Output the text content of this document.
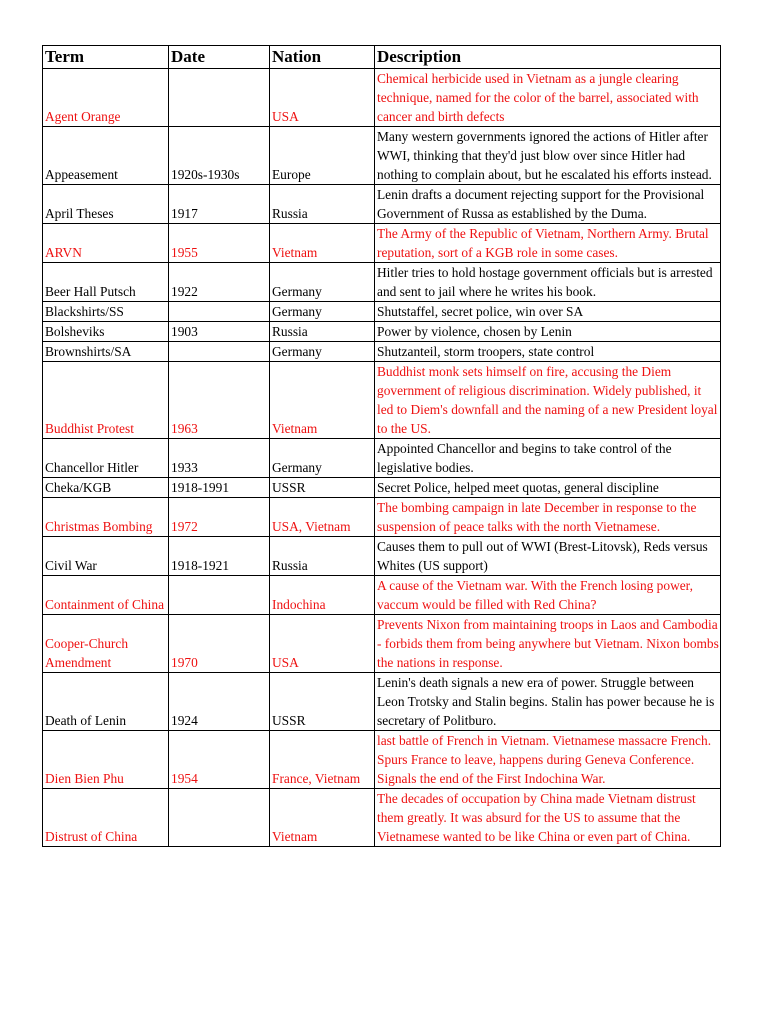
Term	Date	Nation	Description
Agent Orange		USA	Chemical herbicide used in Vietnam as a jungle clearing technique, named for the color of the barrel, associated with cancer and birth defects
Appeasement	1920s-1930s	Europe	Many western governments ignored the actions of Hitler after WWI, thinking that they'd just blow over since Hitler had nothing to complain about, but he escalated his efforts instead.
April Theses	1917	Russia	Lenin drafts a document rejecting support for the Provisional Government of Russa as established by the Duma.
ARVN	1955	Vietnam	The Army of the Republic of Vietnam, Northern Army. Brutal reputation, sort of a KGB role in some cases.
Beer Hall Putsch	1922	Germany	Hitler tries to hold hostage government officials but is arrested and sent to jail where he writes his book.
Blackshirts/SS		Germany	Shutstaffel, secret police, win over SA
Bolsheviks	1903	Russia	Power by violence, chosen by Lenin
Brownshirts/SA		Germany	Shutzanteil, storm troopers, state control
Buddhist Protest	1963	Vietnam	Buddhist monk sets himself on fire, accusing the Diem government of religious discrimination. Widely published, it led to Diem's downfall and the naming of a new President loyal to the US.
Chancellor Hitler	1933	Germany	Appointed Chancellor and begins to take control of the legislative bodies.
Cheka/KGB	1918-1991	USSR	Secret Police, helped meet quotas, general discipline
Christmas Bombing	1972	USA, Vietnam	The bombing campaign in late December in response to the suspension of peace talks with the north Vietnamese.
Civil War	1918-1921	Russia	Causes them to pull out of WWI (Brest-Litovsk), Reds versus Whites (US support)
Containment of China		Indochina	A cause of the Vietnam war. With the French losing power, vaccum would be filled with Red China?
Cooper-Church Amendment	1970	USA	Prevents Nixon from maintaining troops in Laos and Cambodia - forbids them from being anywhere but Vietnam. Nixon bombs the nations in response.
Death of Lenin	1924	USSR	Lenin's death signals a new era of power. Struggle between Leon Trotsky and Stalin begins. Stalin has power because he is secretary of Politburo.
Dien Bien Phu	1954	France, Vietnam	last battle of French in Vietnam. Vietnamese massacre French. Spurs France to leave, happens during Geneva Conference. Signals the end of the First Indochina War.
Distrust of China		Vietnam	The decades of occupation by China made Vietnam distrust them greatly. It was absurd for the US to assume that the Vietnamese wanted to be like China or even part of China.
